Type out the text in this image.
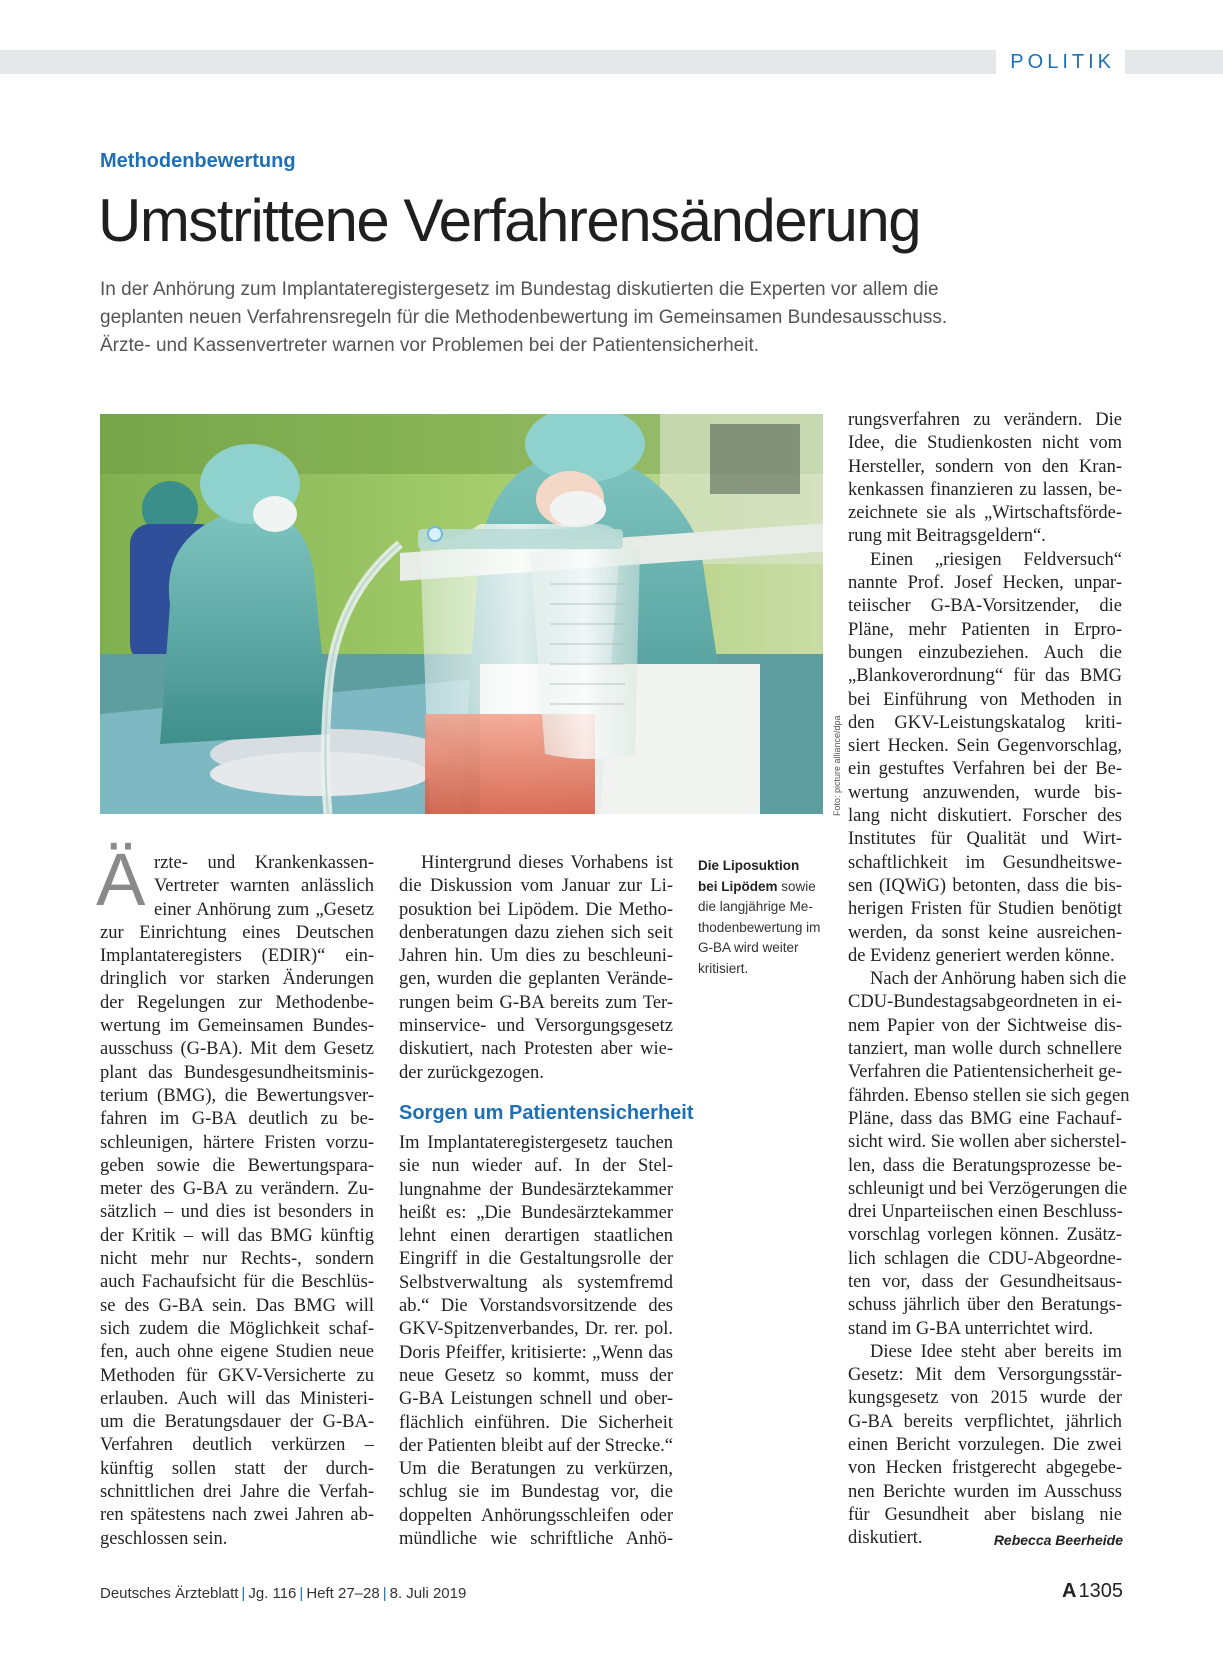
POLITIK
Methodenbewertung
Umstrittene Verfahrensänderung
In der Anhörung zum Implantateregistergesetz im Bundestag diskutierten die Experten vor allem die
geplanten neuen Verfahrensregeln für die Methodenbewertung im Gemeinsamen Bundesausschuss.
Ärzte- und Kassenvertreter warnen vor Problemen bei der Patientensicherheit.
Foto: picture alliance/dpa
Ä rzte- und Krankenkassen-
Vertreter warnten anlässlich
einer Anhörung zum „Gesetz
zur Einrichtung eines Deutschen
Implantateregisters (EDIR)“ ein-
dringlich vor starken Änderungen
der Regelungen zur Methodenbe-
wertung im Gemeinsamen Bundes-
ausschuss (G-BA). Mit dem Gesetz
plant das Bundesgesundheitsminis-
terium (BMG), die Bewertungsver-
fahren im G-BA deutlich zu be-
schleunigen, härtere Fristen vorzu-
geben sowie die Bewertungspara-
meter des G-BA zu verändern. Zu-
sätzlich – und dies ist besonders in
der Kritik – will das BMG künftig
nicht mehr nur Rechts-, sondern
auch Fachaufsicht für die Beschlüs-
se des G-BA sein. Das BMG will
sich zudem die Möglichkeit schaf-
fen, auch ohne eigene Studien neue
Methoden für GKV-Versicherte zu
erlauben. Auch will das Ministeri-
um die Beratungsdauer der G-BA-
Verfahren deutlich verkürzen –
künftig sollen statt der durch-
schnittlichen drei Jahre die Verfah-
ren spätestens nach zwei Jahren ab-
geschlossen sein.
Hintergrund dieses Vorhabens ist
die Diskussion vom Januar zur Li-
posuktion bei Lipödem. Die Metho-
denberatungen dazu ziehen sich seit
Jahren hin. Um dies zu beschleuni-
gen, wurden die geplanten Verände-
rungen beim G-BA bereits zum Ter-
minservice- und Versorgungsgesetz
diskutiert, nach Protesten aber wie-
der zurückgezogen.
Sorgen um Patientensicherheit
Im Implantateregistergesetz tauchen
sie nun wieder auf. In der Stel-
lungnahme der Bundesärztekammer
heißt es: „Die Bundesärztekammer
lehnt einen derartigen staatlichen
Eingriff in die Gestaltungsrolle der
Selbstverwaltung als systemfremd
ab.“ Die Vorstandsvorsitzende des
GKV-Spitzenverbandes, Dr. rer. pol.
Doris Pfeiffer, kritisierte: „Wenn das
neue Gesetz so kommt, muss der
G-BA Leistungen schnell und ober-
flächlich einführen. Die Sicherheit
der Patienten bleibt auf der Strecke.“
Um die Beratungen zu verkürzen,
schlug sie im Bundestag vor, die
doppelten Anhörungsschleifen oder
mündliche wie schriftliche Anhö-
Die Liposuktion
bei Lipödem sowie
die langjährige Me-
thodenbewertung im
G-BA wird weiter
kritisiert.
rungsverfahren zu verändern. Die
Idee, die Studienkosten nicht vom
Hersteller, sondern von den Kran-
kenkassen finanzieren zu lassen, be-
zeichnete sie als „Wirtschaftsförde-
rung mit Beitragsgeldern“.
Einen „riesigen Feldversuch“
nannte Prof. Josef Hecken, unpar-
teiischer G-BA-Vorsitzender, die
Pläne, mehr Patienten in Erpro-
bungen einzubeziehen. Auch die
„Blankoverordnung“ für das BMG
bei Einführung von Methoden in
den GKV-Leistungskatalog kriti-
siert Hecken. Sein Gegenvorschlag,
ein gestuftes Verfahren bei der Be-
wertung anzuwenden, wurde bis-
lang nicht diskutiert. Forscher des
Institutes für Qualität und Wirt-
schaftlichkeit im Gesundheitswe-
sen (IQWiG) betonten, dass die bis-
herigen Fristen für Studien benötigt
werden, da sonst keine ausreichen-
de Evidenz generiert werden könne.
Nach der Anhörung haben sich die
CDU-Bundestagsabgeordneten in ei-
nem Papier von der Sichtweise dis-
tanziert, man wolle durch schnellere
Verfahren die Patientensicherheit ge-
fährden. Ebenso stellen sie sich gegen
Pläne, dass das BMG eine Fachauf-
sicht wird. Sie wollen aber sicherstel-
len, dass die Beratungsprozesse be-
schleunigt und bei Verzögerungen die
drei Unparteiischen einen Beschluss-
vorschlag vorlegen können. Zusätz-
lich schlagen die CDU-Abgeordne-
ten vor, dass der Gesundheitsaus-
schuss jährlich über den Beratungs-
stand im G-BA unterrichtet wird.
Diese Idee steht aber bereits im
Gesetz: Mit dem Versorgungsstär-
kungsgesetz von 2015 wurde der
G-BA bereits verpflichtet, jährlich
einen Bericht vorzulegen. Die zwei
von Hecken fristgerecht abgegebe-
nen Berichte wurden im Ausschuss
für Gesundheit aber bislang nie
diskutiert.	Rebecca Beerheide
Deutsches Ärzteblatt | Jg. 116 | Heft 27–28 | 8. Juli 2019	A 1305
